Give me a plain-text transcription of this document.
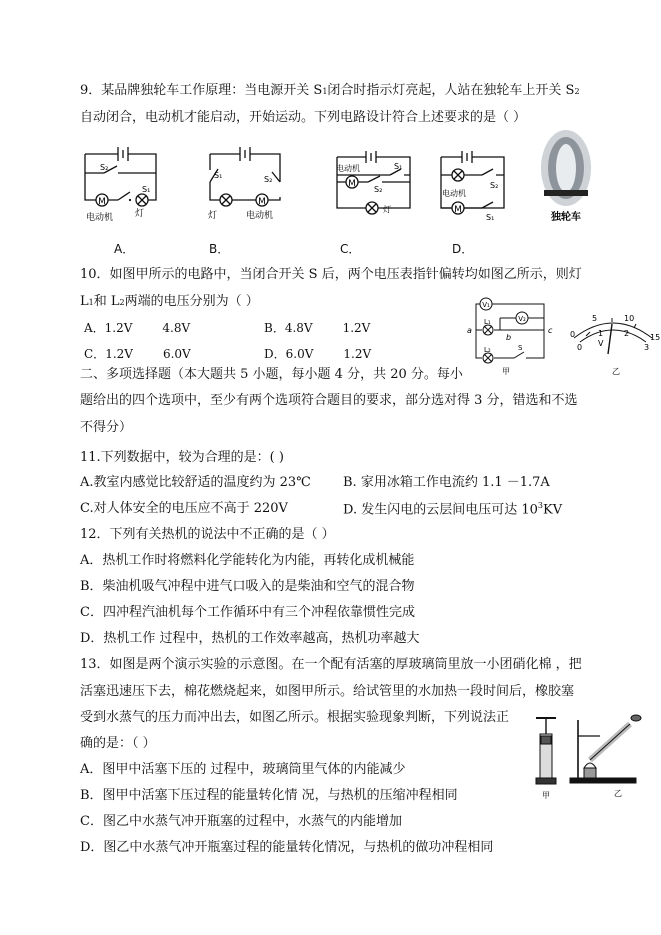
9．某品牌独轮车工作原理：当电源开关 S1闭合时指示灯亮起，人站在独轮车上开关 S2
自动闭合，电动机才能启动，开始运动。下列电路设计符合上述要求的是（ ）
M
S₂
S₁
电动机 灯
M
S₁	S₂
灯	电动机
M
电动机	S₁
S₂
灯	M
电动机
S₂
S₁	独轮车
A．	B．	C．	D．
10．如图甲所示的电路中，当闭合开关 S 后，两个电压表指针偏转均如图乙所示，则灯
L1和 L2两端的电压分别为（ ）
A．1.2V	4.8V	B．4.8V	1.2V
C．1.2V	6.0V	D．6.0V	1.2V
V₁
V₂
L₁
L₂
a
b
c
S
甲
0
5	10
15
0
1	2
3
V
乙
二、多项选择题（本大题共 5 小题，每小题 4 分，共 20 分。每小
题给出的四个选项中，至少有两个选项符合题目的要求，部分选对得 3 分，错选和不选
不得分）
11.下列数据中，较为合理的是：( )
A.教室内感觉比较舒适的温度约为 23℃ B. 家用冰箱工作电流约 1.1 －1.7A
C.对人体安全的电压应不高于 220V	D. 发生闪电的云层间电压可达 $10^3KV$
12．下列有关热机的说法中不正确的是（ ）
A．热机工作时将燃料化学能转化为内能，再转化成机械能
B．柴油机吸气冲程中进气口吸入的是柴油和空气的混合物
C．四冲程汽油机每个工作循环中有三个冲程依靠惯性完成
D．热机工作 过程中，热机的工作效率越高，热机功率越大
13．如图是两个演示实验的示意图。在一个配有活塞的厚玻璃筒里放一小团硝化棉 ，把
活塞迅速压下去，棉花燃烧起来，如图甲所示。给试管里的水加热一段时间后，橡胶塞
受到水蒸气的压力而冲出去，如图乙所示。根据实验现象判断，下列说法正
确的是：（ ）
A．图甲中活塞下压的 过程中，玻璃筒里气体的内能减少
B．图甲中活塞下压过程的能量转化情 况，与热机的压缩冲程相同
C．图乙中水蒸气冲开瓶塞的过程中，水蒸气的内能增加
D．图乙中水蒸气冲开瓶塞过程的能量转化情况，与热机的做功冲程相同
甲	乙
